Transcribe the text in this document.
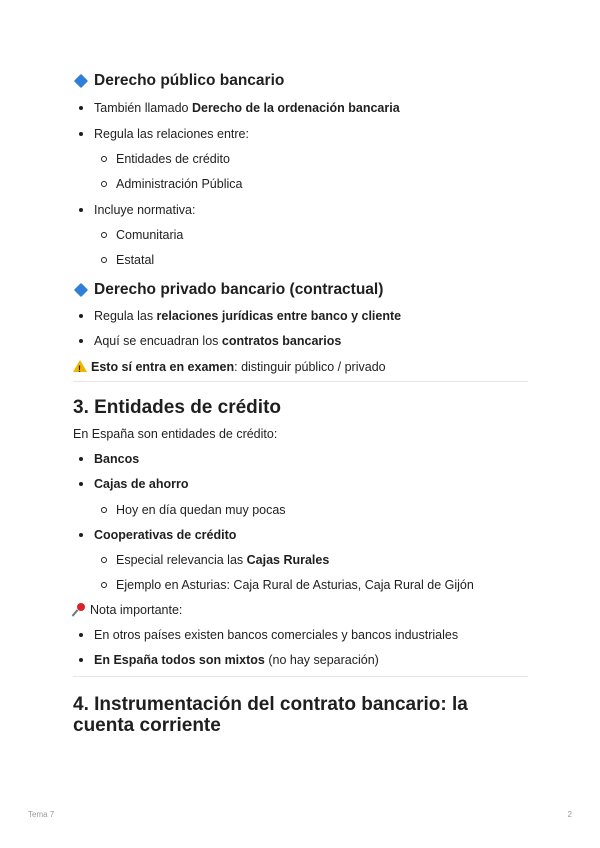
Derecho público bancario
También llamado Derecho de la ordenación bancaria
Regula las relaciones entre:
Entidades de crédito
Administración Pública
Incluye normativa:
Comunitaria
Estatal
Derecho privado bancario (contractual)
Regula las relaciones jurídicas entre banco y cliente
Aquí se encuadran los contratos bancarios

!Esto sí entra en examen: distinguir público / privado

3. Entidades de crédito

En España son entidades de crédito:

Bancos
Cajas de ahorro
Hoy en día quedan muy pocas
Cooperativas de crédito
Especial relevancia las Cajas Rurales
Ejemplo en Asturias: Caja Rural de Asturias, Caja Rural de Gijón

Nota importante:

En otros países existen bancos comerciales y bancos industriales
En España todos son mixtos (no hay separación)
4. Instrumentación del contrato bancario: la cuenta corriente
Tema 7	2
